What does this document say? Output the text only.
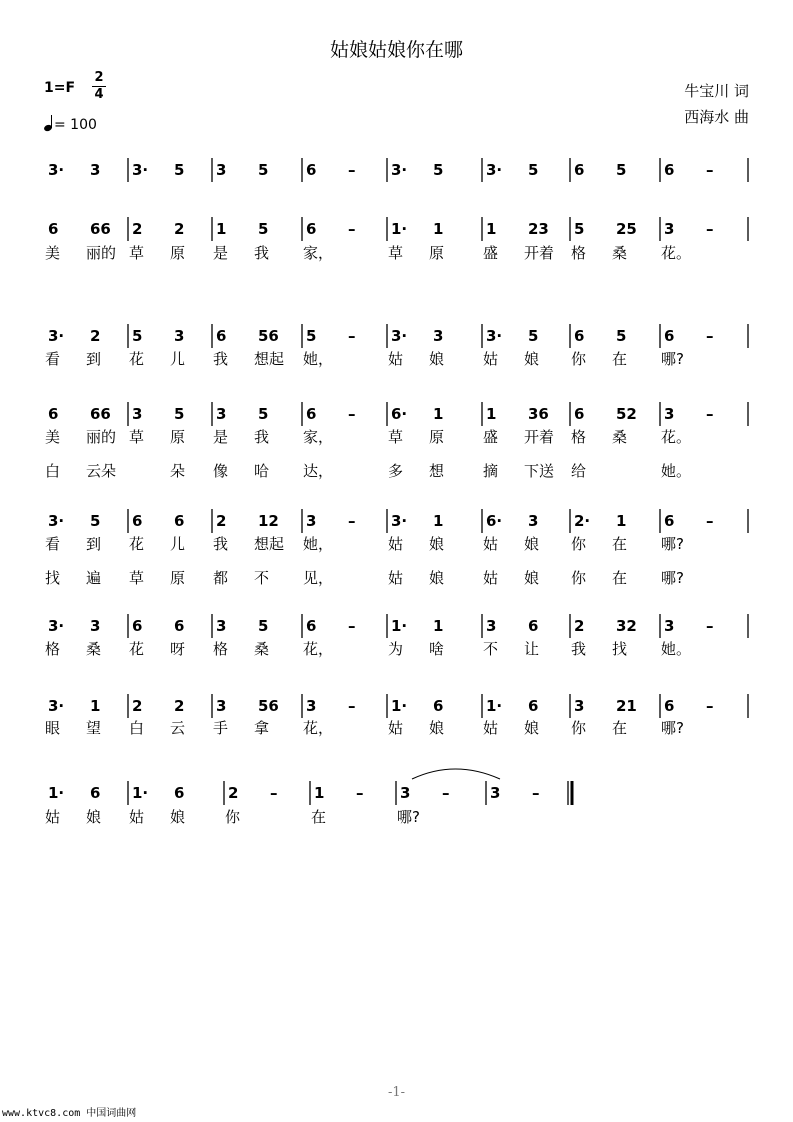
姑娘姑娘你在哪
1=F
2
4
= 100
牛宝川 词
西海水 曲
3· 3 3· 5 3 5	6 – 3· 5	3· 5 6 5	6 –
6 66 2 2 1 5	6 – 1· 1	1 23 5 25 3 –
美 丽的 草 原 是 我 家，	草 原	盛 开着 格 桑 花。
3· 2 5 3 6 56 5 – 3· 3	3· 5 6 5	6 –
看 到 花 儿 我 想起 她，	姑 娘	姑 娘 你 在 哪?
6 66 3 5 3 5	6 – 6· 1	1 36 6 52 3 –
美 丽的 草 原 是 我 家，	草 原	盛 开着 格 桑 花。
白 云朵	朵 像 哈 达，	多 想	摘 下送 给	她。
3· 5 6 6 2 12 3 – 3· 1	6· 3 2· 1	6 –
看 到 花 儿 我 想起 她，	姑 娘	姑 娘 你 在 哪?
找 遍 草 原 都 不 见，	姑 娘	姑 娘 你 在 哪?
3· 3 6 6 3 5	6 – 1· 1	3 6 2 32 3 –
格 桑 花 呀 格 桑 花，	为 啥	不 让 我 找 她。
3· 1 2 2 3 56 3 – 1· 6	1· 6 3 21 6 –
眼 望 白 云 手 拿 花，	姑 娘	姑 娘 你 在 哪?
1· 6 1· 6	2 – 1 – 3 –	3 –
姑 娘 姑 娘	你	在	哪?
-1-
www.ktvc8.com 中国词曲网
